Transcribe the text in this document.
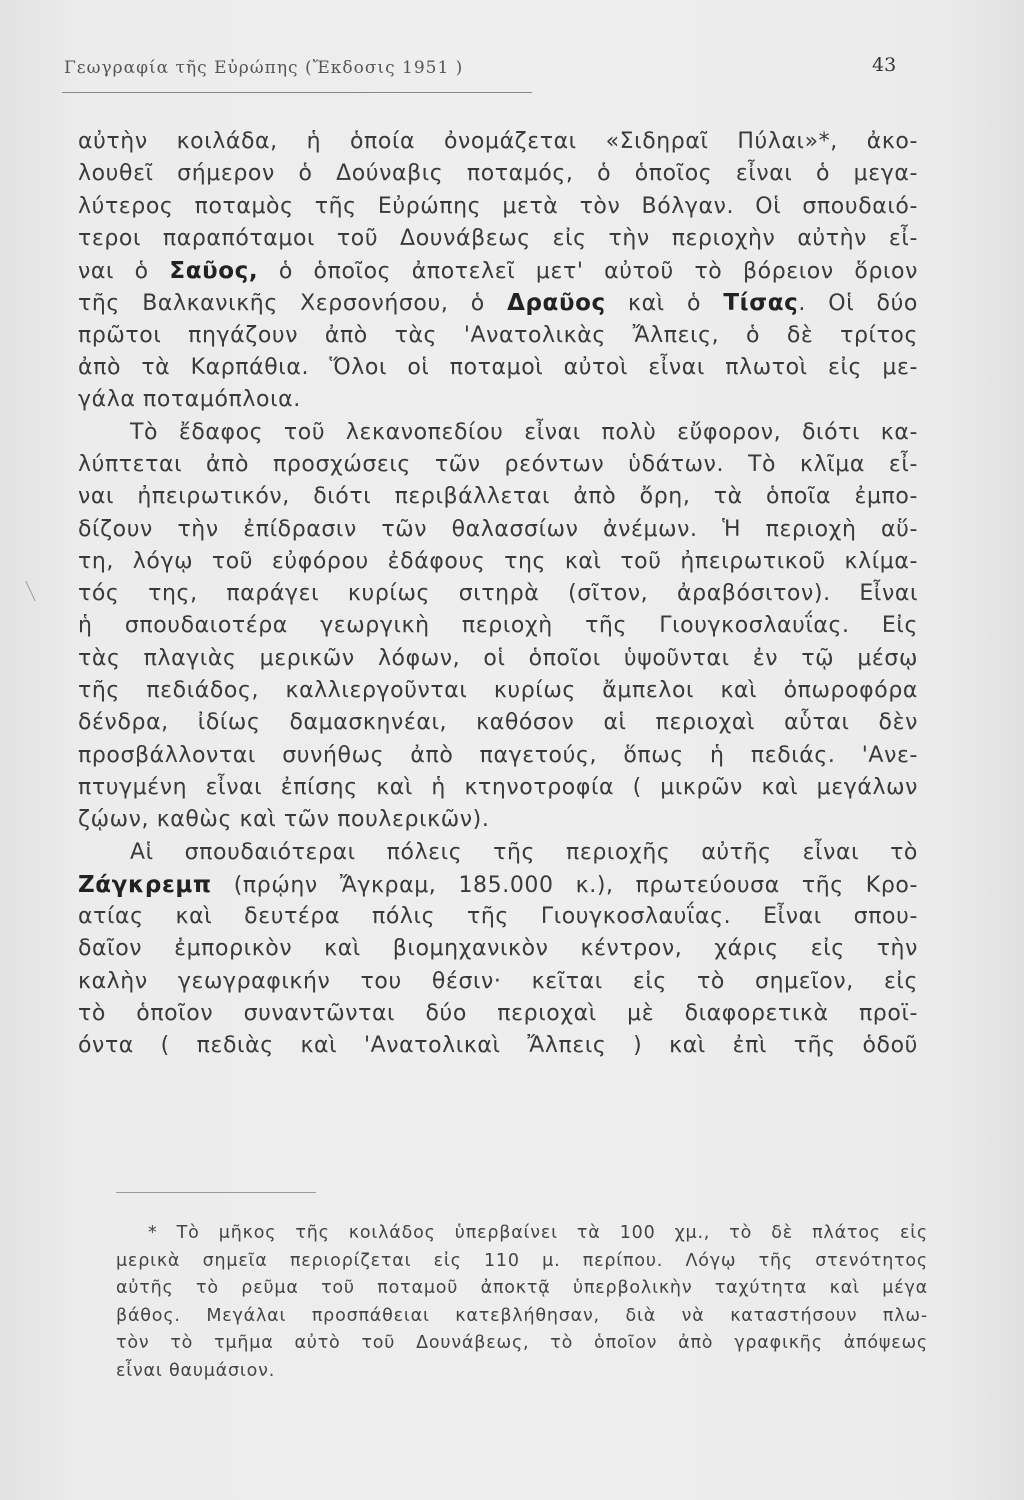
Γεωγραφία τῆς Εὐρώπης (Ἔκδοσις 1951 )	43
αὐτὴν κοιλάδα, ἡ ὁποία ὀνομάζεται «Σιδηραῖ Πύλαι»*, ἀκο-
λουθεῖ σήμερον ὁ Δούναβις ποταμός, ὁ ὁποῖος εἶναι ὁ μεγα-
λύτερος ποταμὸς τῆς Εὐρώπης μετὰ τὸν Βόλγαν. Οἱ σπουδαιό-
τεροι παραπόταμοι τοῦ Δουνάβεως εἰς τὴν περιοχὴν αὐτὴν εἶ-
ναι ὁ Σαῦος, ὁ ὁποῖος ἀποτελεῖ μετ' αὐτοῦ τὸ βόρειον ὅριον
τῆς Βαλκανικῆς Χερσονήσου, ὁ Δραῦος καὶ ὁ Τίσας. Οἱ δύο
πρῶτοι πηγάζουν ἀπὸ τὰς 'Ανατολικὰς Ἄλπεις, ὁ δὲ τρίτος
ἀπὸ τὰ Καρπάθια. Ὅλοι οἱ ποταμοὶ αὐτοὶ εἶναι πλωτοὶ εἰς με-
γάλα ποταμόπλοια.
Τὸ ἔδαφος τοῦ λεκανοπεδίου εἶναι πολὺ εὔφορον, διότι κα-
λύπτεται ἀπὸ προσχώσεις τῶν ρεόντων ὑδάτων. Τὸ κλῖμα εἶ-
ναι ἠπειρωτικόν, διότι περιβάλλεται ἀπὸ ὄρη, τὰ ὁποῖα ἐμπο-
δίζουν τὴν ἐπίδρασιν τῶν θαλασσίων ἀνέμων. Ἡ περιοχὴ αὕ-
τη, λόγῳ τοῦ εὐφόρου ἐδάφους της καὶ τοῦ ἠπειρωτικοῦ κλίμα-
τός της, παράγει κυρίως σιτηρὰ (σῖτον, ἀραβόσιτον). Εἶναι
ἡ σπουδαιοτέρα γεωργικὴ περιοχὴ τῆς Γιουγκοσλαυΐας. Εἰς
τὰς πλαγιὰς μερικῶν λόφων, οἱ ὁποῖοι ὑψοῦνται ἐν τῷ μέσῳ
τῆς πεδιάδος, καλλιεργοῦνται κυρίως ἄμπελοι καὶ ὀπωροφόρα
δένδρα, ἰδίως δαμασκηνέαι, καθόσον αἱ περιοχαὶ αὗται δὲν
προσβάλλονται συνήθως ἀπὸ παγετούς, ὅπως ἡ πεδιάς. 'Ανε-
πτυγμένη εἶναι ἐπίσης καὶ ἡ κτηνοτροφία ( μικρῶν καὶ μεγάλων
ζῴων, καθὼς καὶ τῶν πουλερικῶν).
Αἱ σπουδαιότεραι πόλεις τῆς περιοχῆς αὐτῆς εἶναι τὸ
Ζάγκρεμπ (πρῴην Ἄγκραμ, 185.000 κ.), πρωτεύουσα τῆς Κρο-
ατίας καὶ δευτέρα πόλις τῆς Γιουγκοσλαυΐας. Εἶναι σπου-
δαῖον ἐμπορικὸν καὶ βιομηχανικὸν κέντρον, χάρις εἰς τὴν
καλὴν γεωγραφικήν του θέσιν· κεῖται εἰς τὸ σημεῖον, εἰς
τὸ ὁποῖον συναντῶνται δύο περιοχαὶ μὲ διαφορετικὰ προϊ-
όντα ( πεδιὰς καὶ 'Ανατολικαὶ Ἄλπεις ) καὶ ἐπὶ τῆς ὁδοῦ
* Τὸ μῆκος τῆς κοιλάδος ὑπερβαίνει τὰ 100 χμ., τὸ δὲ πλάτος εἰς
μερικὰ σημεῖα περιορίζεται εἰς 110 μ. περίπου. Λόγῳ τῆς στενότητος
αὐτῆς τὸ ρεῦμα τοῦ ποταμοῦ ἀποκτᾷ ὑπερβολικὴν ταχύτητα καὶ μέγα
βάθος. Μεγάλαι προσπάθειαι κατεβλήθησαν, διὰ νὰ καταστήσουν πλω-
τὸν τὸ τμῆμα αὐτὸ τοῦ Δουνάβεως, τὸ ὁποῖον ἀπὸ γραφικῆς ἀπόψεως
εἶναι θαυμάσιον.
